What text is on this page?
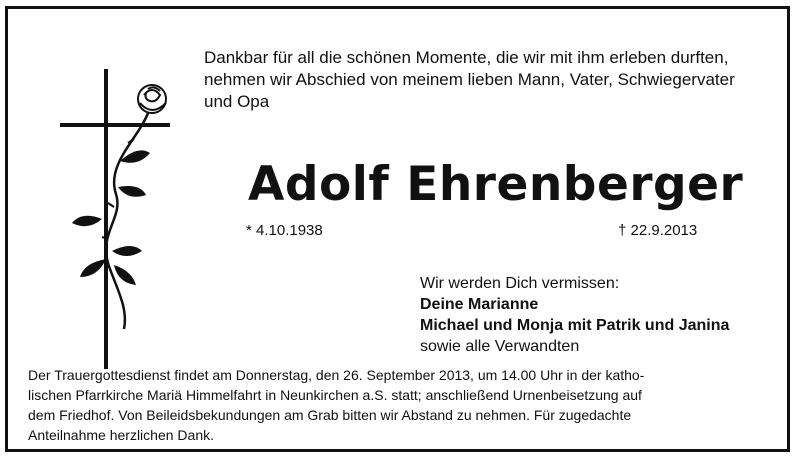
Dankbar für all die schönen Momente, die wir mit ihm erleben durften,
nehmen wir Abschied von meinem lieben Mann, Vater, Schwiegervater
und Opa
Adolf Ehrenberger
* 4.10.1938	† 22.9.2013
Wir werden Dich vermissen:
Deine Marianne
Michael und Monja mit Patrik und Janina
sowie alle Verwandten
Der Trauergottesdienst findet am Donnerstag, den 26. September 2013, um 14.00 Uhr in der katho-
lischen Pfarrkirche Mariä Himmelfahrt in Neunkirchen a.S. statt; anschließend Urnenbeisetzung auf
dem Friedhof. Von Beileidsbekundungen am Grab bitten wir Abstand zu nehmen. Für zugedachte
Anteilnahme herzlichen Dank.
